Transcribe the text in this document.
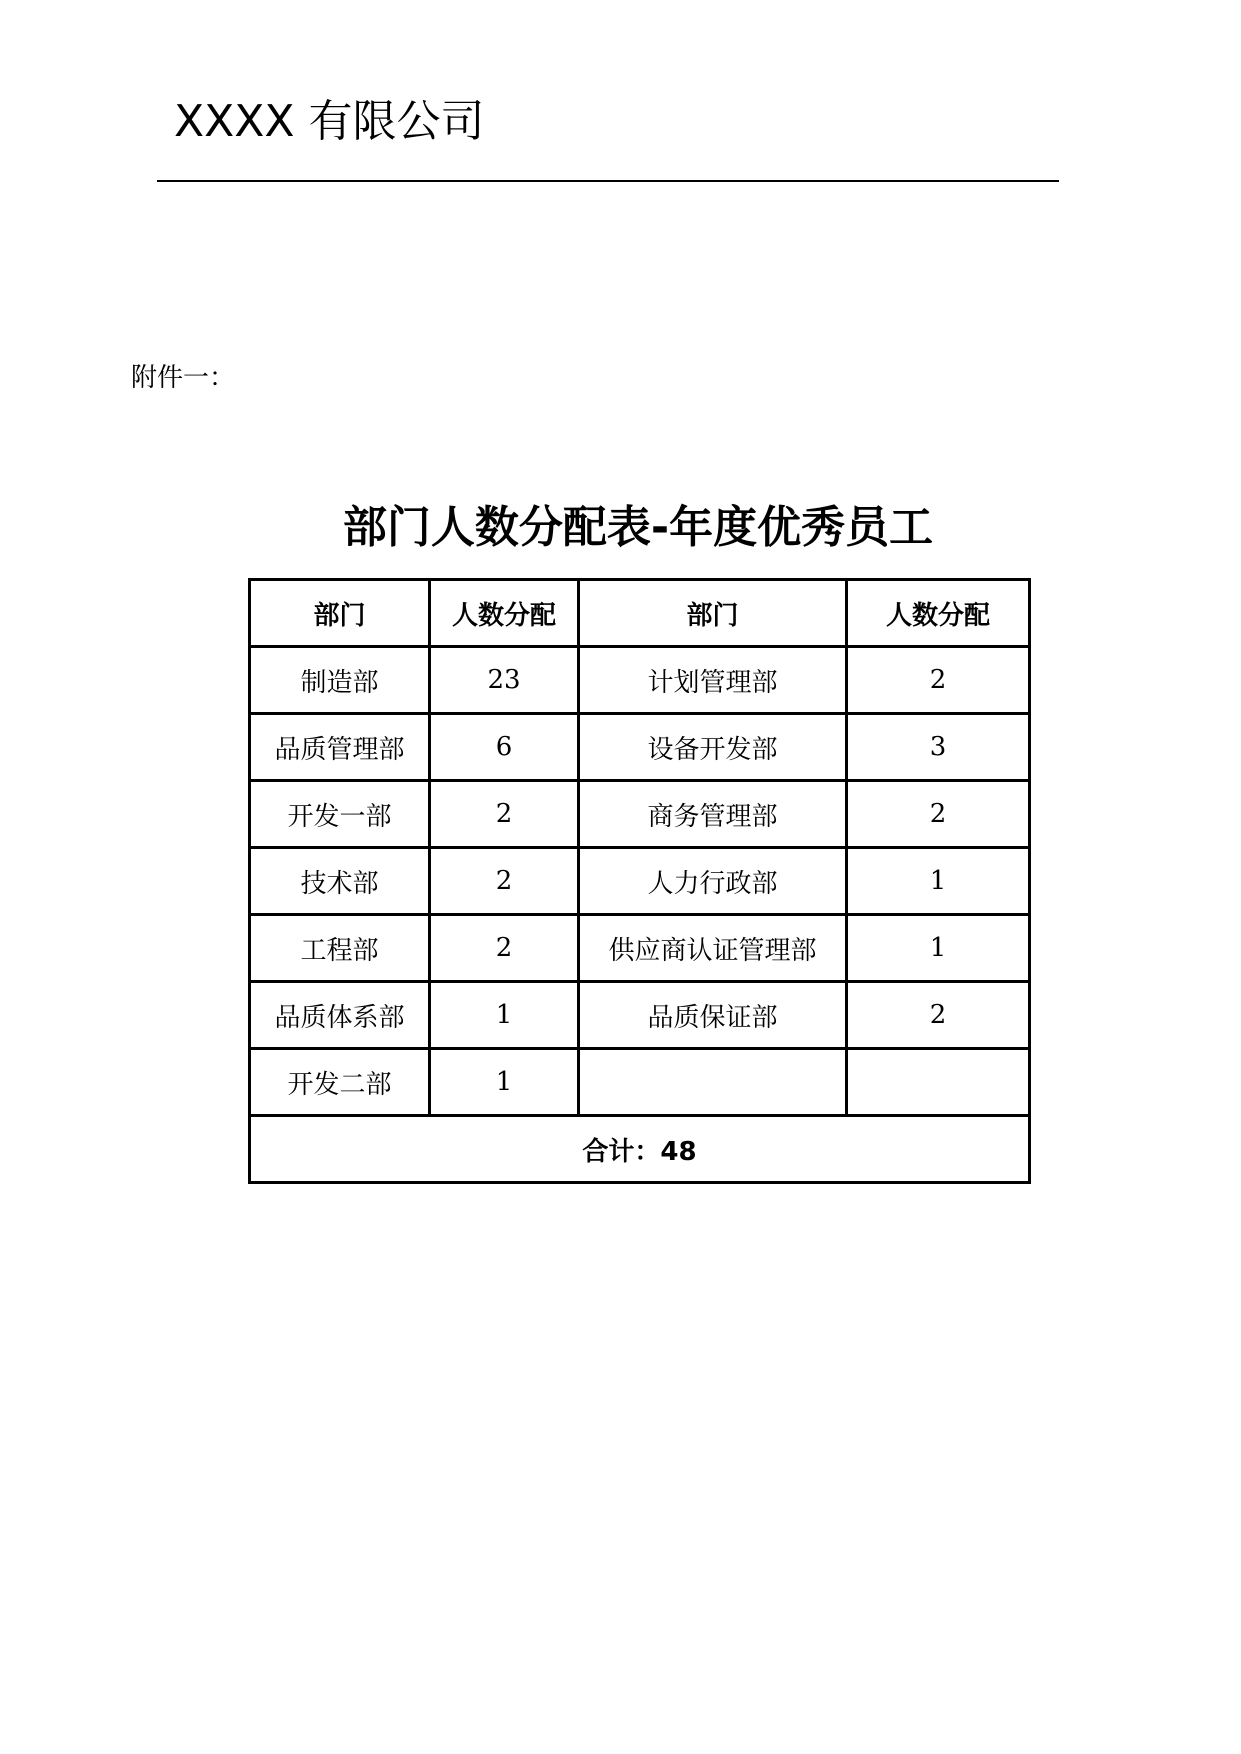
XXXX 有限公司
附件一：
部门人数分配表-年度优秀员工
部门	人数分配	部门	人数分配
制造部	23	计划管理部	2
品质管理部	6	设备开发部	3
开发一部	2	商务管理部	2
技术部	2	人力行政部	1
工程部	2	供应商认证管理部	1
品质体系部	1	品质保证部	2
开发二部	1		
合计：48			
